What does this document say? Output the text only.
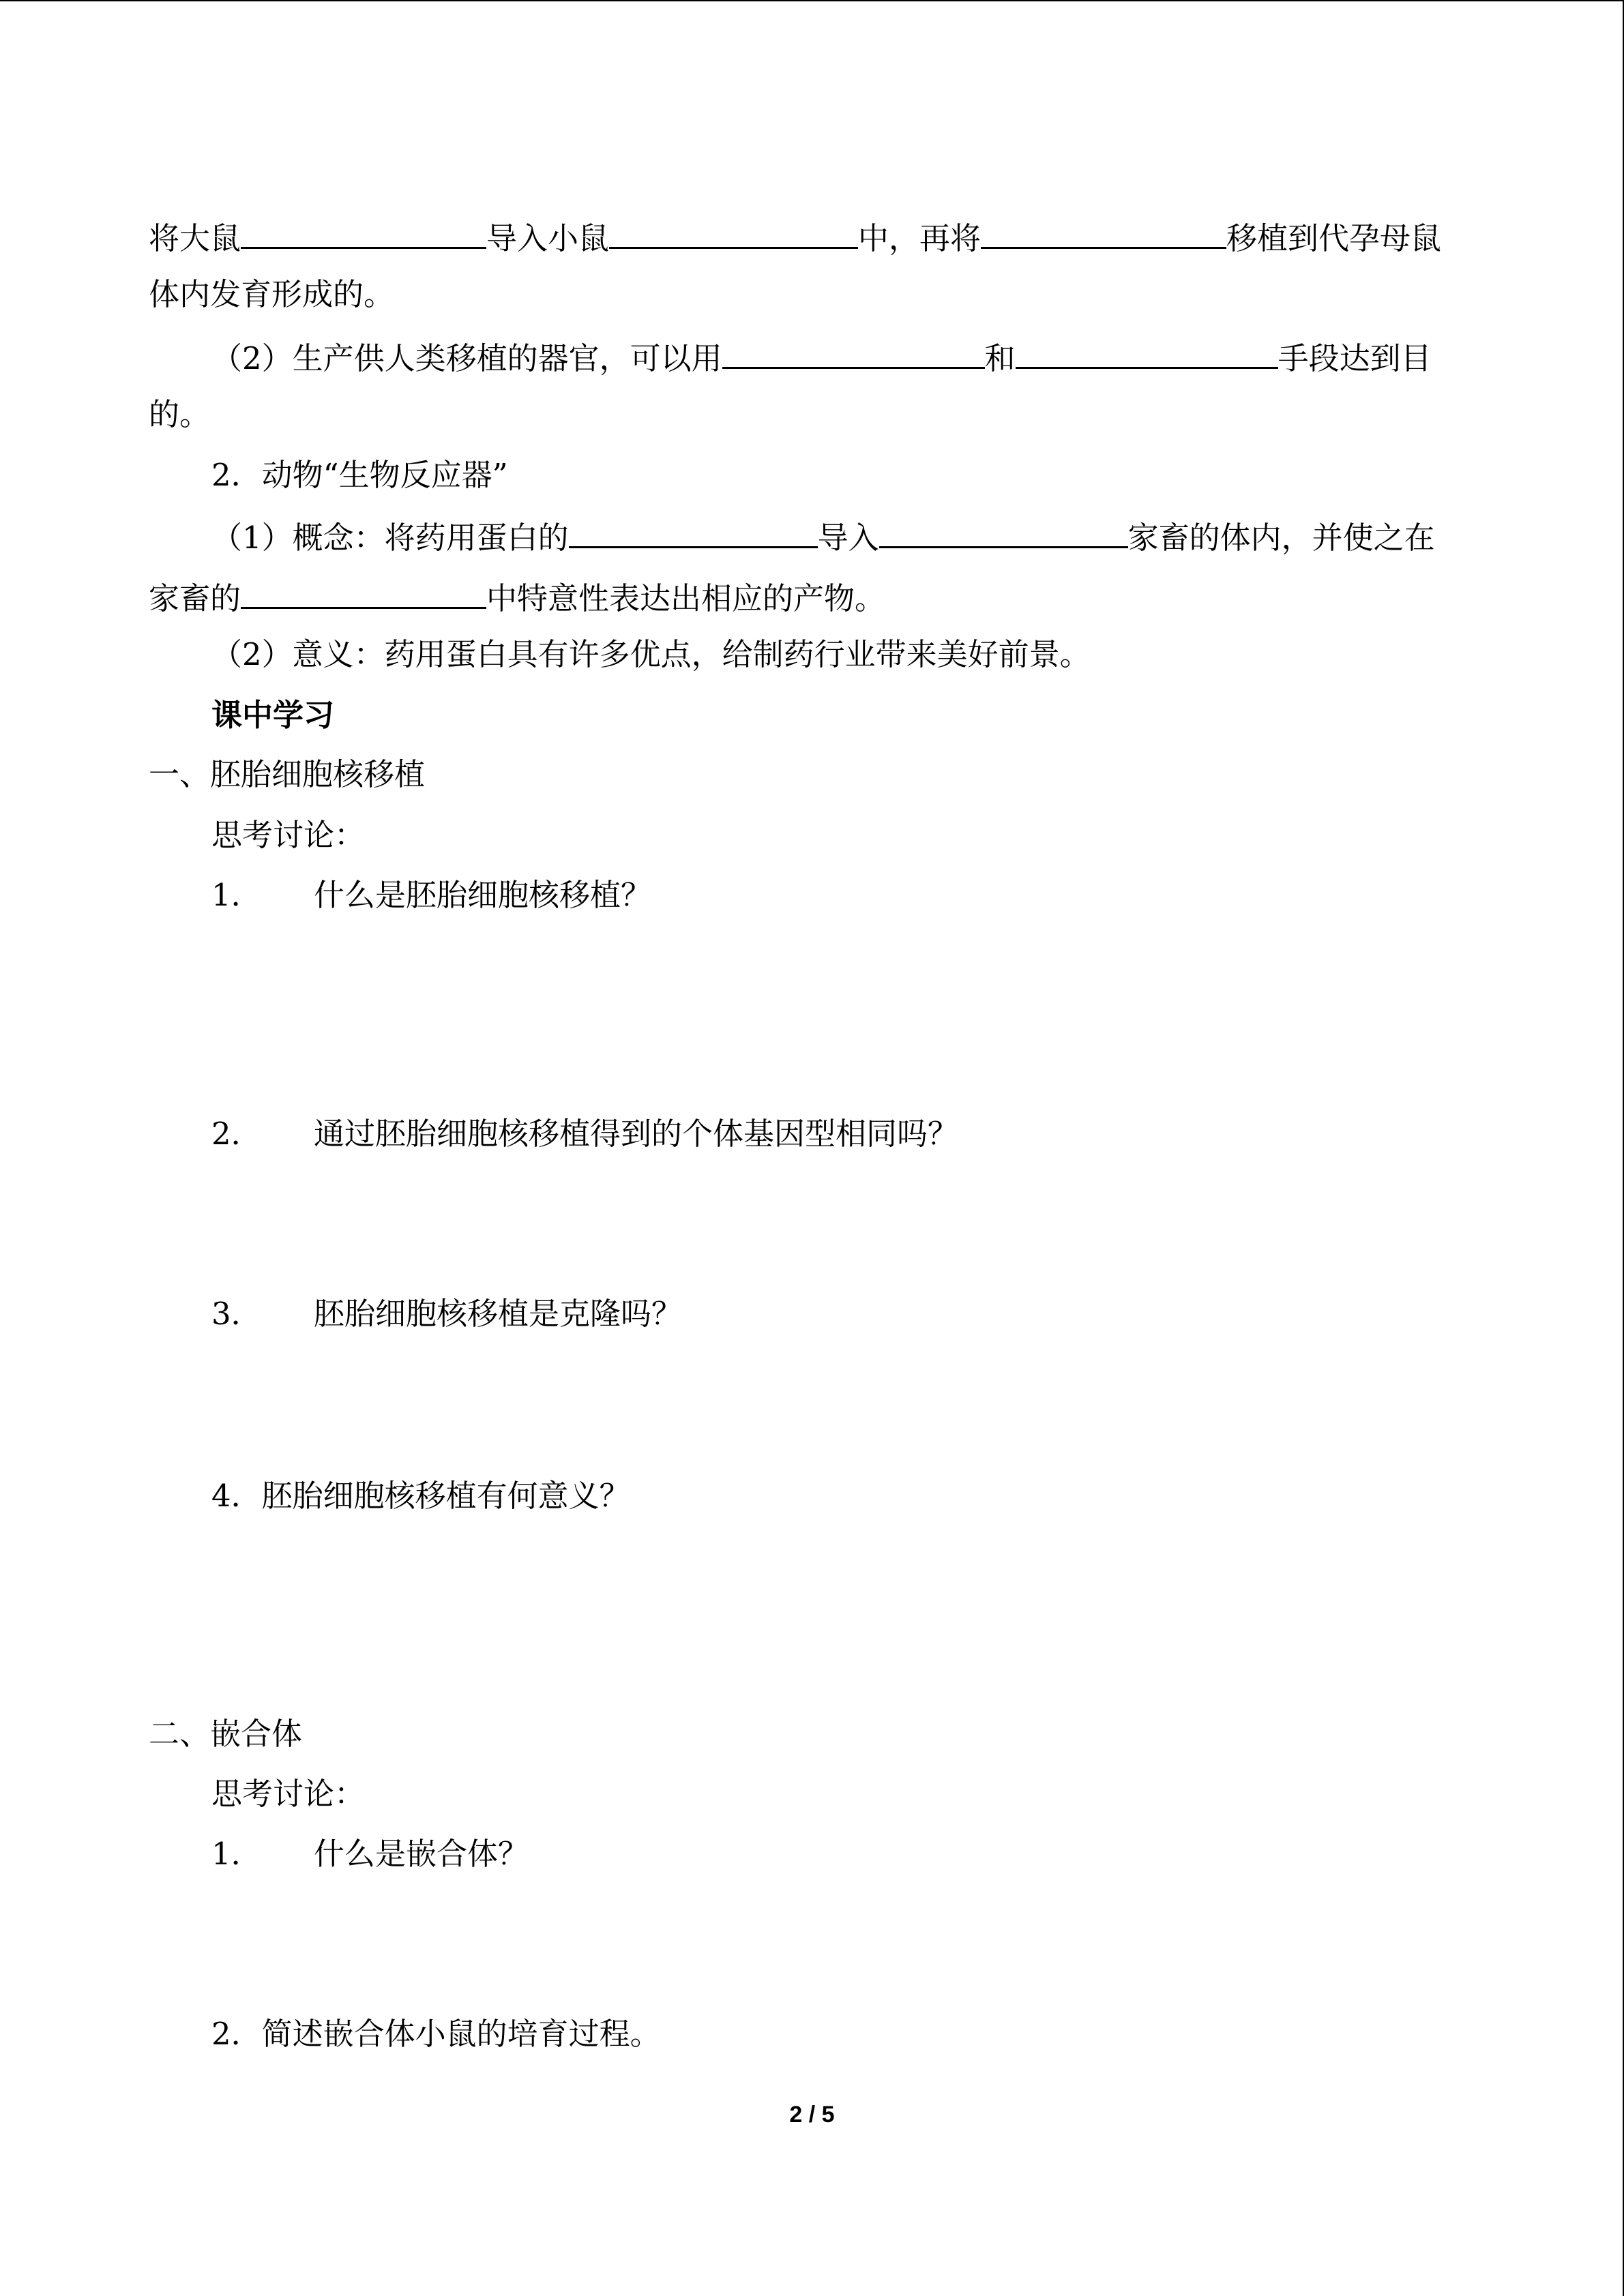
将大鼠	导入小鼠	中，再将	移植到代孕母鼠
体内发育形成的。
（2）生产供人类移植的器官，可以用	和	手段达到目
的。
2．动物“生物反应器”
（1）概念：将药用蛋白的	导入	家畜的体内，并使之在
家畜的	中特意性表达出相应的产物。
（2）意义：药用蛋白具有许多优点，给制药行业带来美好前景。
课中学习
一、胚胎细胞核移植
思考讨论：
1． 什么是胚胎细胞核移植？
2． 通过胚胎细胞核移植得到的个体基因型相同吗？
3． 胚胎细胞核移植是克隆吗？
4．胚胎细胞核移植有何意义？
二、嵌合体
思考讨论：
1． 什么是嵌合体？
2．简述嵌合体小鼠的培育过程。
2 / 5
